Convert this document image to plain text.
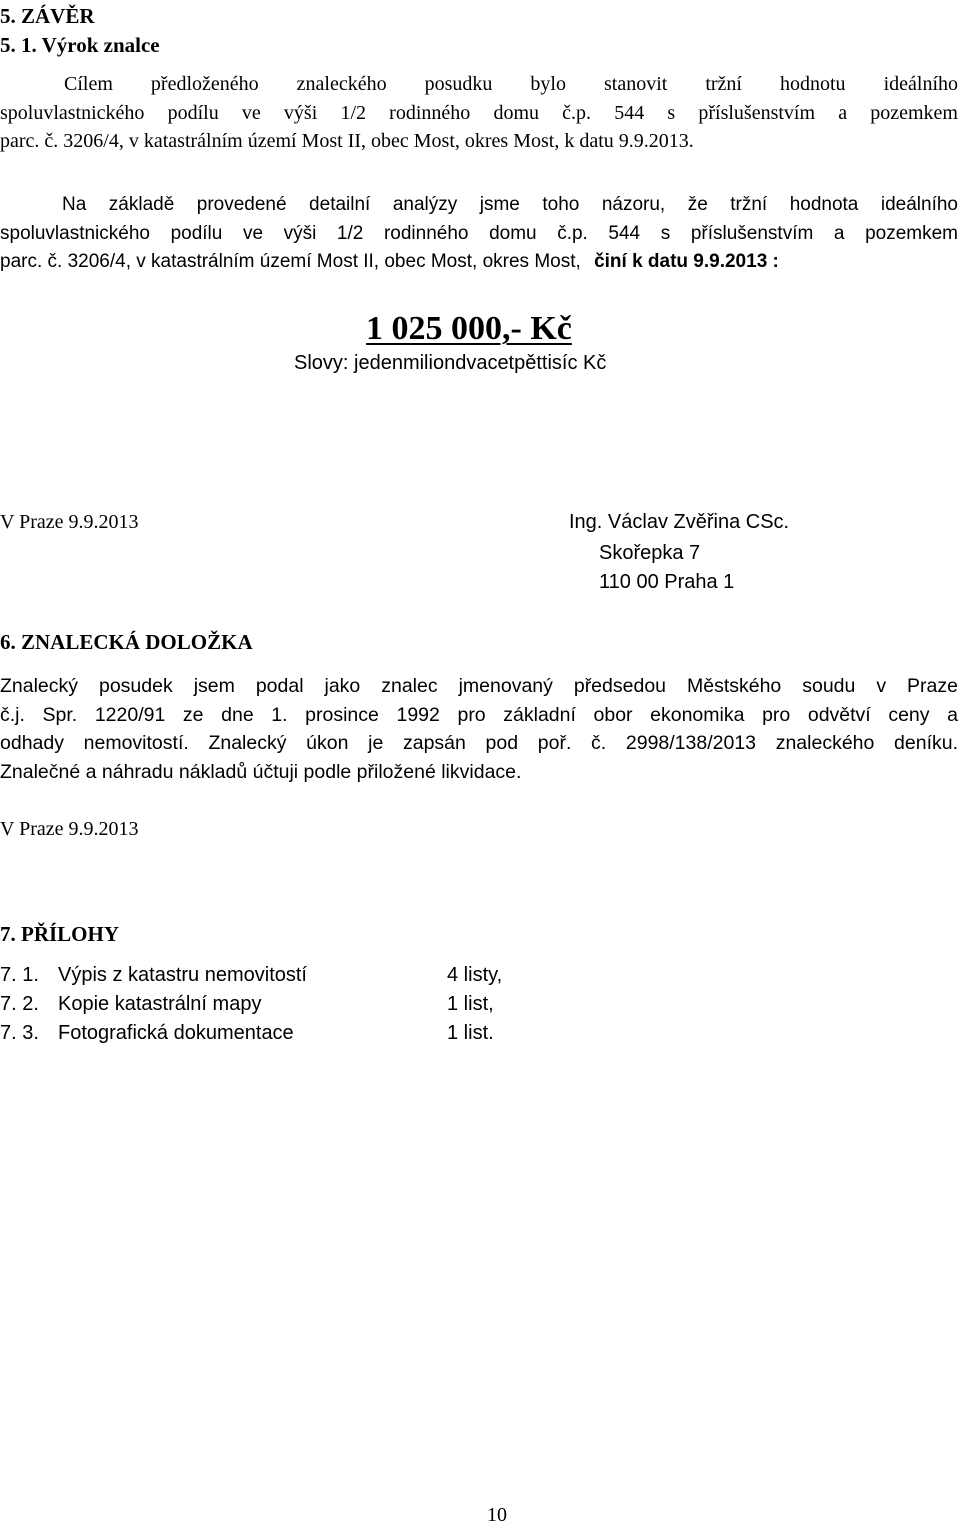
5. ZÁVĚR
5. 1. Výrok znalce
Cílem předloženého znaleckého posudku bylo stanovit tržní hodnotu ideálního
spoluvlastnického podílu ve výši 1/2 rodinného domu č.p. 544 s příslušenstvím a pozemkem
parc. č. 3206/4, v katastrálním území Most II, obec Most, okres Most, k datu 9.9.2013.
Na základě provedené detailní analýzy jsme toho názoru, že tržní hodnota ideálního
spoluvlastnického podílu ve výši 1/2 rodinného domu č.p. 544 s příslušenstvím a pozemkem
parc. č. 3206/4, v katastrálním území Most II, obec Most, okres Most, činí k datu 9.9.2013 :
1 025 000,- Kč
Slovy: jedenmiliondvacetpěttisíc Kč
V Praze 9.9.2013	Ing. Václav Zvěřina CSc.
Skořepka 7
110 00 Praha 1
6. ZNALECKÁ DOLOŽKA
Znalecký posudek jsem podal jako znalec jmenovaný předsedou Městského soudu v Praze
č.j. Spr. 1220/91 ze dne 1. prosince 1992 pro základní obor ekonomika pro odvětví ceny a
odhady nemovitostí. Znalecký úkon je zapsán pod poř. č. 2998/138/2013 znaleckého deníku.
Znalečné a náhradu nákladů účtuji podle přiložené likvidace.
V Praze 9.9.2013
7. PŘÍLOHY
7. 1. Výpis z katastru nemovitostí	4 listy,
7. 2. Kopie katastrální mapy	1 list,
7. 3. Fotografická dokumentace	1 list.
10
